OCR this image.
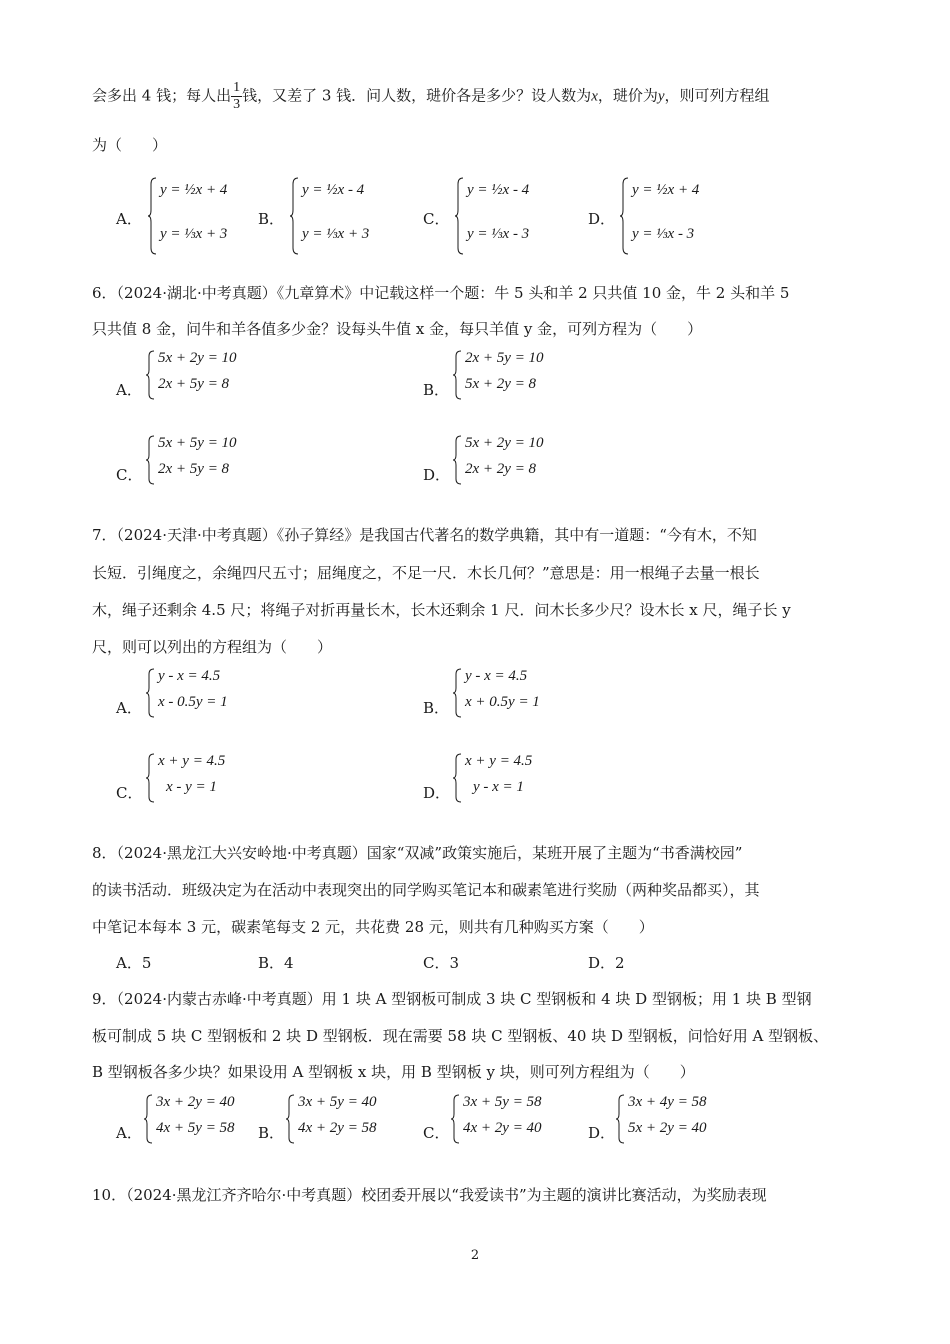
会多出 4 钱；每人出 $\frac{1}{3}$ 钱，又差了 3 钱．问人数，琎价各是多少？设人数为x，琎价为y，则可列方程组
为（　　）
A．
y = ½x + 4
y = ⅓x + 3
B．
y = ½x - 4
y = ⅓x + 3
C．
y = ½x - 4
y = ⅓x - 3
D．
y = ½x + 4
y = ⅓x - 3
6．（2024·湖北·中考真题）《九章算术》中记载这样一个题：牛 5 头和羊 2 只共值 10 金，牛 2 头和羊 5
只共值 8 金，问牛和羊各值多少金？设每头牛值 x 金，每只羊值 y 金，可列方程为（　　）
A．
5x + 2y = 10
2x + 5y = 8	B．
2x + 5y = 10
5x + 2y = 8
C．
5x + 5y = 10
2x + 5y = 8	D．
5x + 2y = 10
2x + 2y = 8
7．（2024·天津·中考真题）《孙子算经》是我国古代著名的数学典籍，其中有一道题：“今有木，不知
长短．引绳度之，余绳四尺五寸；屈绳度之，不足一尺．木长几何？”意思是：用一根绳子去量一根长
木，绳子还剩余 4.5 尺；将绳子对折再量长木，长木还剩余 1 尺．问木长多少尺？设木长 x 尺，绳子长 y
尺，则可以列出的方程组为（　　）
A．
y - x = 4.5
x - 0.5y = 1	B．
y - x = 4.5
x + 0.5y = 1
C．
x + y = 4.5
x - y = 1	D．
x + y = 4.5
y - x = 1
8．（2024·黑龙江大兴安岭地·中考真题）国家“双减”政策实施后，某班开展了主题为“书香满校园”
的读书活动．班级决定为在活动中表现突出的同学购买笔记本和碳素笔进行奖励（两种奖品都买），其
中笔记本每本 3 元，碳素笔每支 2 元，共花费 28 元，则共有几种购买方案（　　）
A．5	B．4	C．3	D．2
9．（2024·内蒙古赤峰·中考真题）用 1 块 A 型钢板可制成 3 块 C 型钢板和 4 块 D 型钢板；用 1 块 B 型钢
板可制成 5 块 C 型钢板和 2 块 D 型钢板．现在需要 58 块 C 型钢板、40 块 D 型钢板，问恰好用 A 型钢板、
B 型钢板各多少块？如果设用 A 型钢板 x 块，用 B 型钢板 y 块，则可列方程组为（　　）
A．
3x + 2y = 40
4x + 5y = 58 B．
3x + 5y = 40
4x + 2y = 58	C．
3x + 5y = 58
4x + 2y = 40	D．
3x + 4y = 58
5x + 2y = 40
10．（2024·黑龙江齐齐哈尔·中考真题）校团委开展以“我爱读书”为主题的演讲比赛活动，为奖励表现
2
